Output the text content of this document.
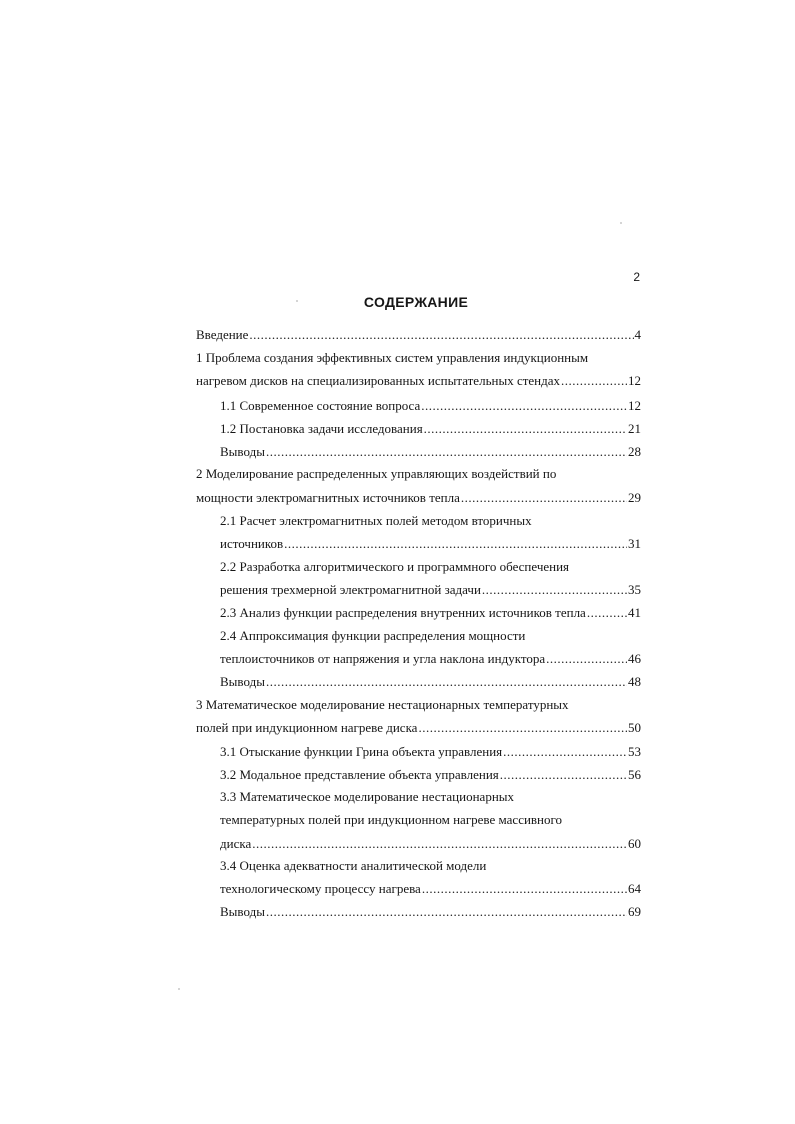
2
СОДЕРЖАНИЕ
Введение .....	4
1 Проблема создания эффективных систем управления индукционным
нагревом дисков на специализированных испытательных стендах .....	12
1.1 Современное состояние вопроса .....	12
1.2 Постановка задачи исследования .....	21
Выводы .....	28
2 Моделирование распределенных управляющих воздействий по
мощности электромагнитных источников тепла .....	29
2.1 Расчет электромагнитных полей методом вторичных
источников .....	31
2.2 Разработка алгоритмического и программного обеспечения
решения трехмерной электромагнитной задачи .....	35
2.3 Анализ функции распределения внутренних источников тепла .....	41
2.4 Аппроксимация функции распределения мощности
теплоисточников от напряжения и угла наклона индуктора .....	46
Выводы .....	48
3 Математическое моделирование нестационарных температурных
полей при индукционном нагреве диска .....	50
3.1 Отыскание функции Грина объекта управления .....	53
3.2 Модальное представление объекта управления .....	56
3.3 Математическое моделирование нестационарных
температурных полей при индукционном нагреве массивного
диска .....	60
3.4 Оценка адекватности аналитической модели
технологическому процессу нагрева .....	64
Выводы .....	69
